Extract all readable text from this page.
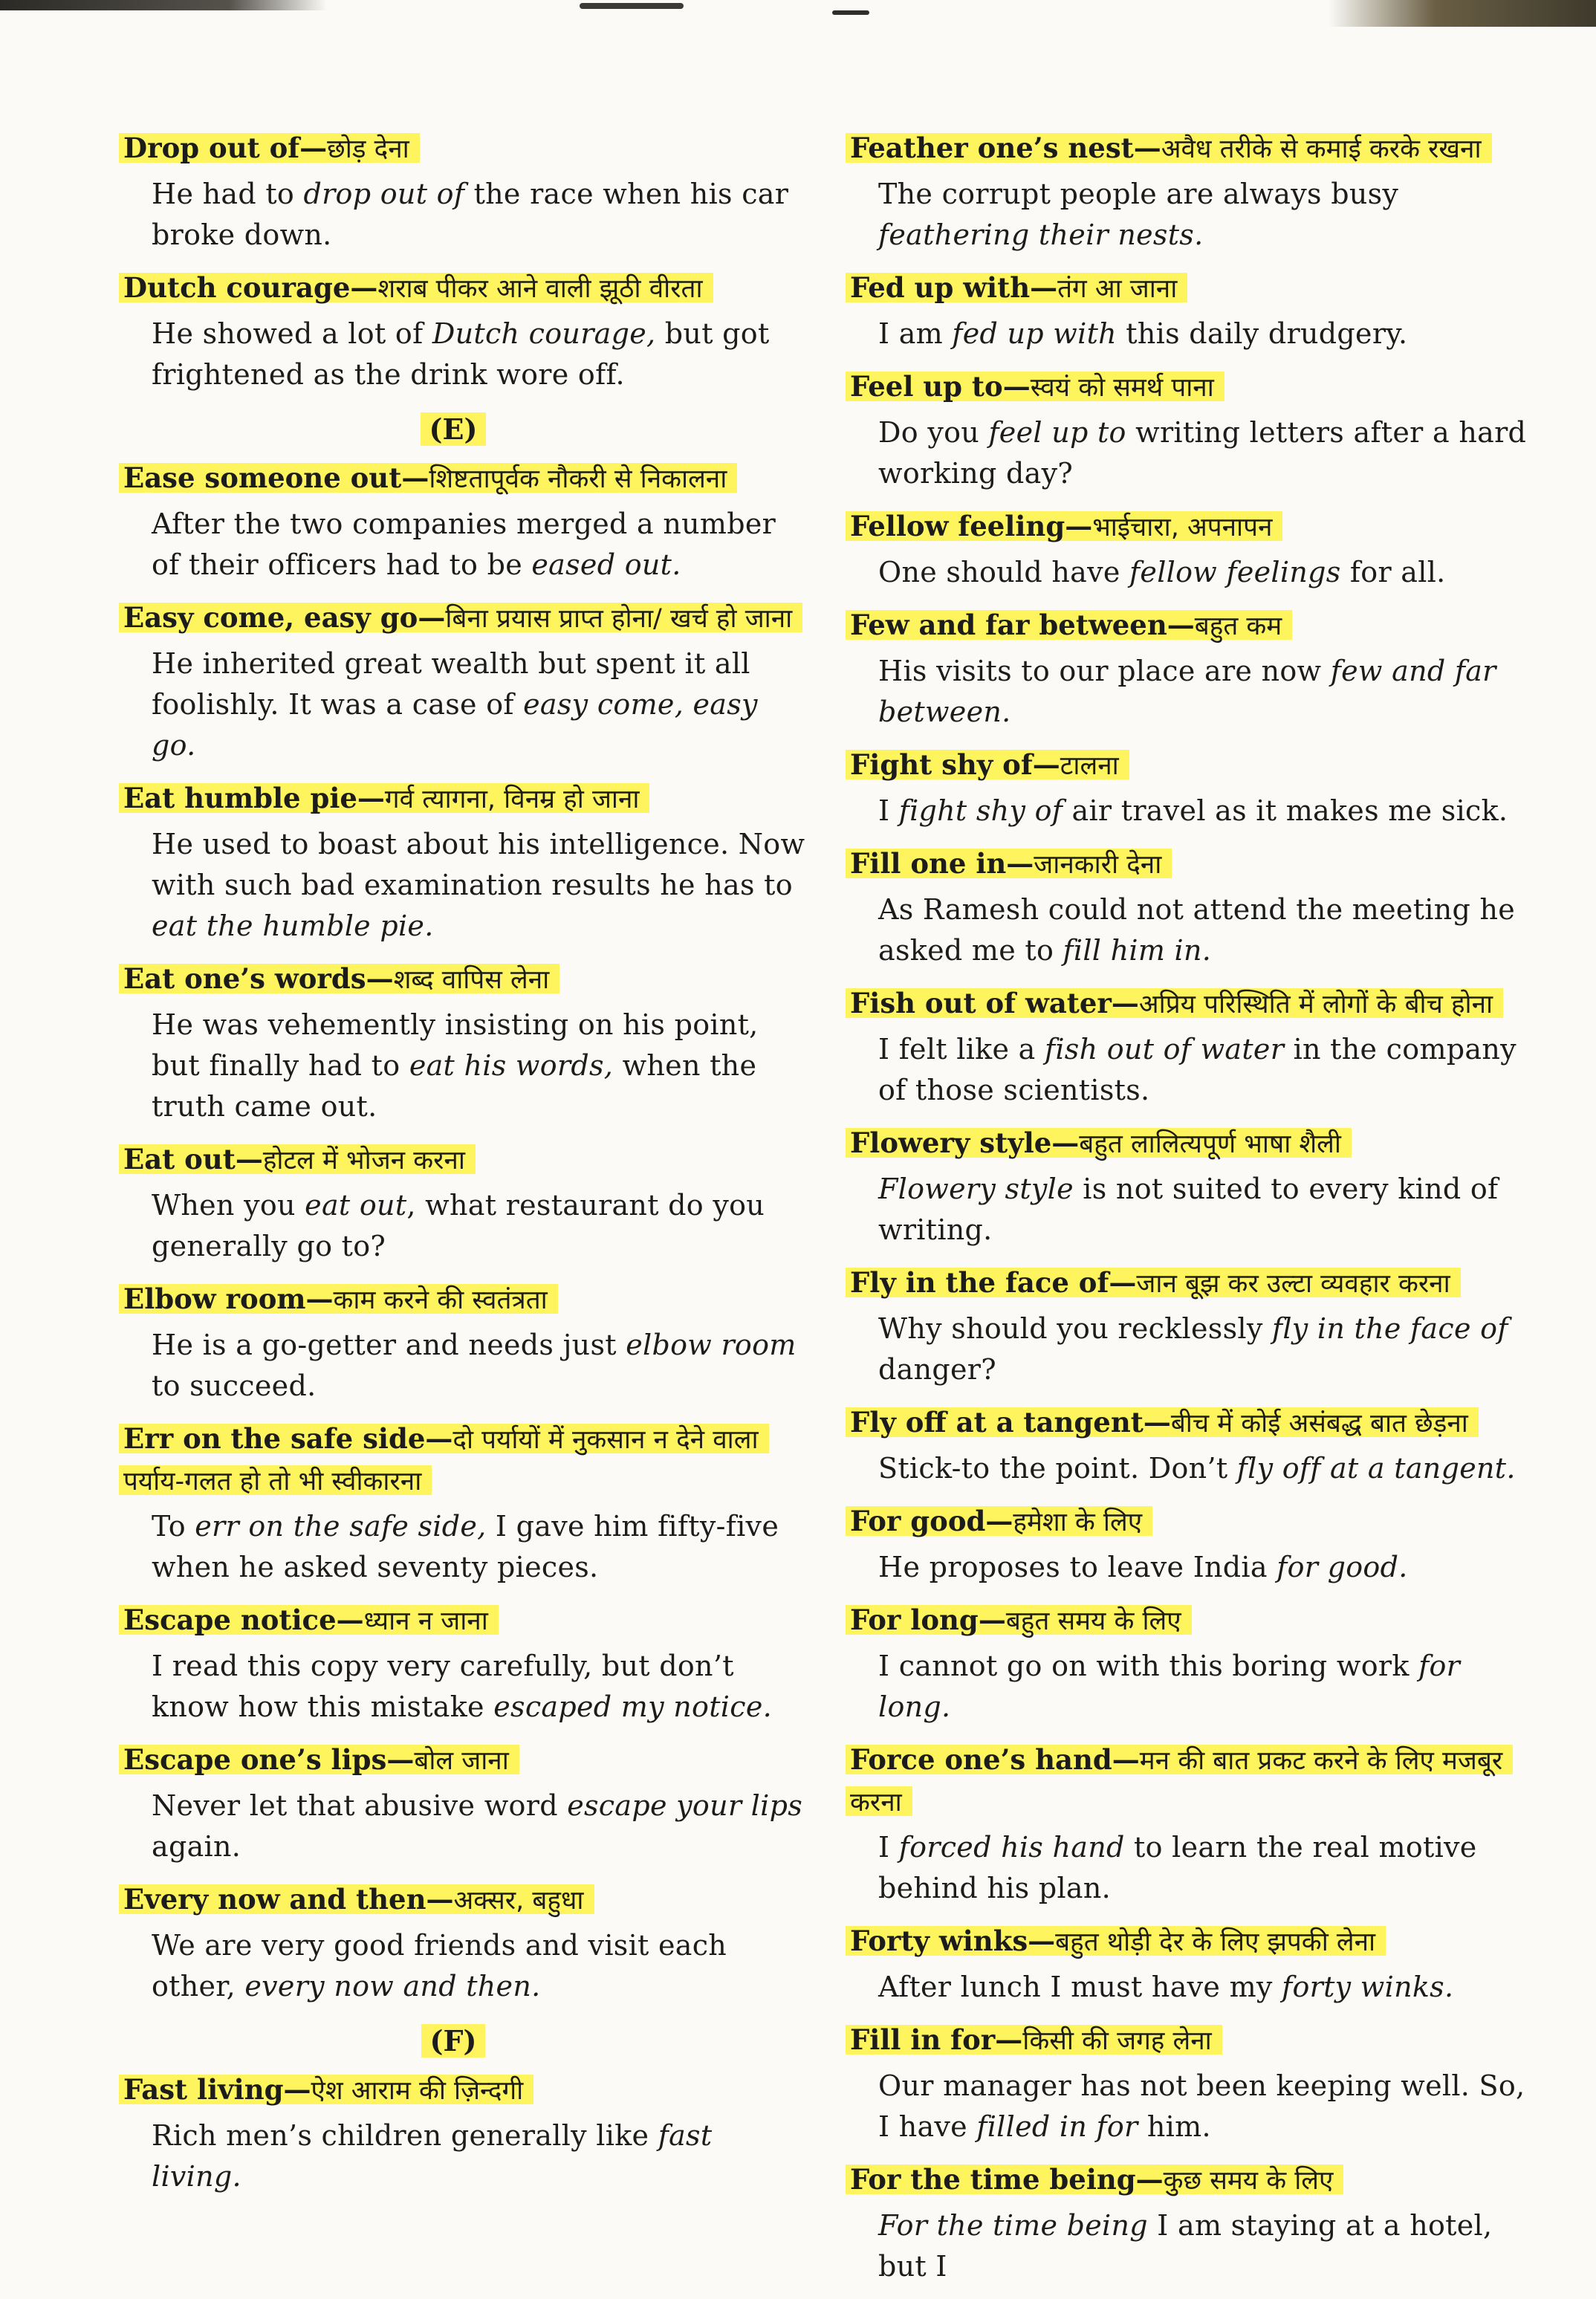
Drop out of—छोड़ देना
He had to drop out of the race when his car broke down.
Dutch courage—शराब पीकर आने वाली झूठी वीरता
He showed a lot of Dutch courage, but got frightened as the drink wore off.
(E)
Ease someone out—शिष्टतापूर्वक नौकरी से निकालना
After the two companies merged a number of their officers had to be eased out.
Easy come, easy go—बिना प्रयास प्राप्त होना/ खर्च हो जाना
He inherited great wealth but spent it all foolishly. It was a case of easy come, easy go.
Eat humble pie—गर्व त्यागना, विनम्र हो जाना
He used to boast about his intelligence. Now with such bad examination results he has to eat the humble pie.
Eat one’s words—शब्द वापिस लेना
He was vehemently insisting on his point, but finally had to eat his words, when the truth came out.
Eat out—होटल में भोजन करना
When you eat out, what restaurant do you generally go to?
Elbow room—काम करने की स्वतंत्रता
He is a go-getter and needs just elbow room to succeed.
Err on the safe side—दो पर्यायों में नुकसान न देने वाला पर्याय-गलत हो तो भी स्वीकारना
To err on the safe side, I gave him fifty-five when he asked seventy pieces.
Escape notice—ध्यान न जाना
I read this copy very carefully, but don’t know how this mistake escaped my notice.
Escape one’s lips—बोल जाना
Never let that abusive word escape your lips again.
Every now and then—अक्सर, बहुधा
We are very good friends and visit each other, every now and then.
(F)
Fast living—ऐश आराम की ज़िन्दगी
Rich men’s children generally like fast living.
Feather one’s nest—अवैध तरीके से कमाई करके रखना
The corrupt people are always busy feathering their nests.
Fed up with—तंग आ जाना
I am fed up with this daily drudgery.
Feel up to—स्वयं को समर्थ पाना
Do you feel up to writing letters after a hard working day?
Fellow feeling—भाईचारा, अपनापन
One should have fellow feelings for all.
Few and far between—बहुत कम
His visits to our place are now few and far between.
Fight shy of—टालना
I fight shy of air travel as it makes me sick.
Fill one in—जानकारी देना
As Ramesh could not attend the meeting he asked me to fill him in.
Fish out of water—अप्रिय परिस्थिति में लोगों के बीच होना
I felt like a fish out of water in the company of those scientists.
Flowery style—बहुत लालित्यपूर्ण भाषा शैली
Flowery style is not suited to every kind of writing.
Fly in the face of—जान बूझ कर उल्टा व्यवहार करना
Why should you recklessly fly in the face of danger?
Fly off at a tangent—बीच में कोई असंबद्ध बात छेड़ना
Stick-to the point. Don’t fly off at a tangent.
For good—हमेशा के लिए
He proposes to leave India for good.
For long—बहुत समय के लिए
I cannot go on with this boring work for long.
Force one’s hand—मन की बात प्रकट करने के लिए मजबूर करना
I forced his hand to learn the real motive behind his plan.
Forty winks—बहुत थोड़ी देर के लिए झपकी लेना
After lunch I must have my forty winks.
Fill in for—किसी की जगह लेना
Our manager has not been keeping well. So, I have filled in for him.
For the time being—कुछ समय के लिए
For the time being I am staying at a hotel, but I
